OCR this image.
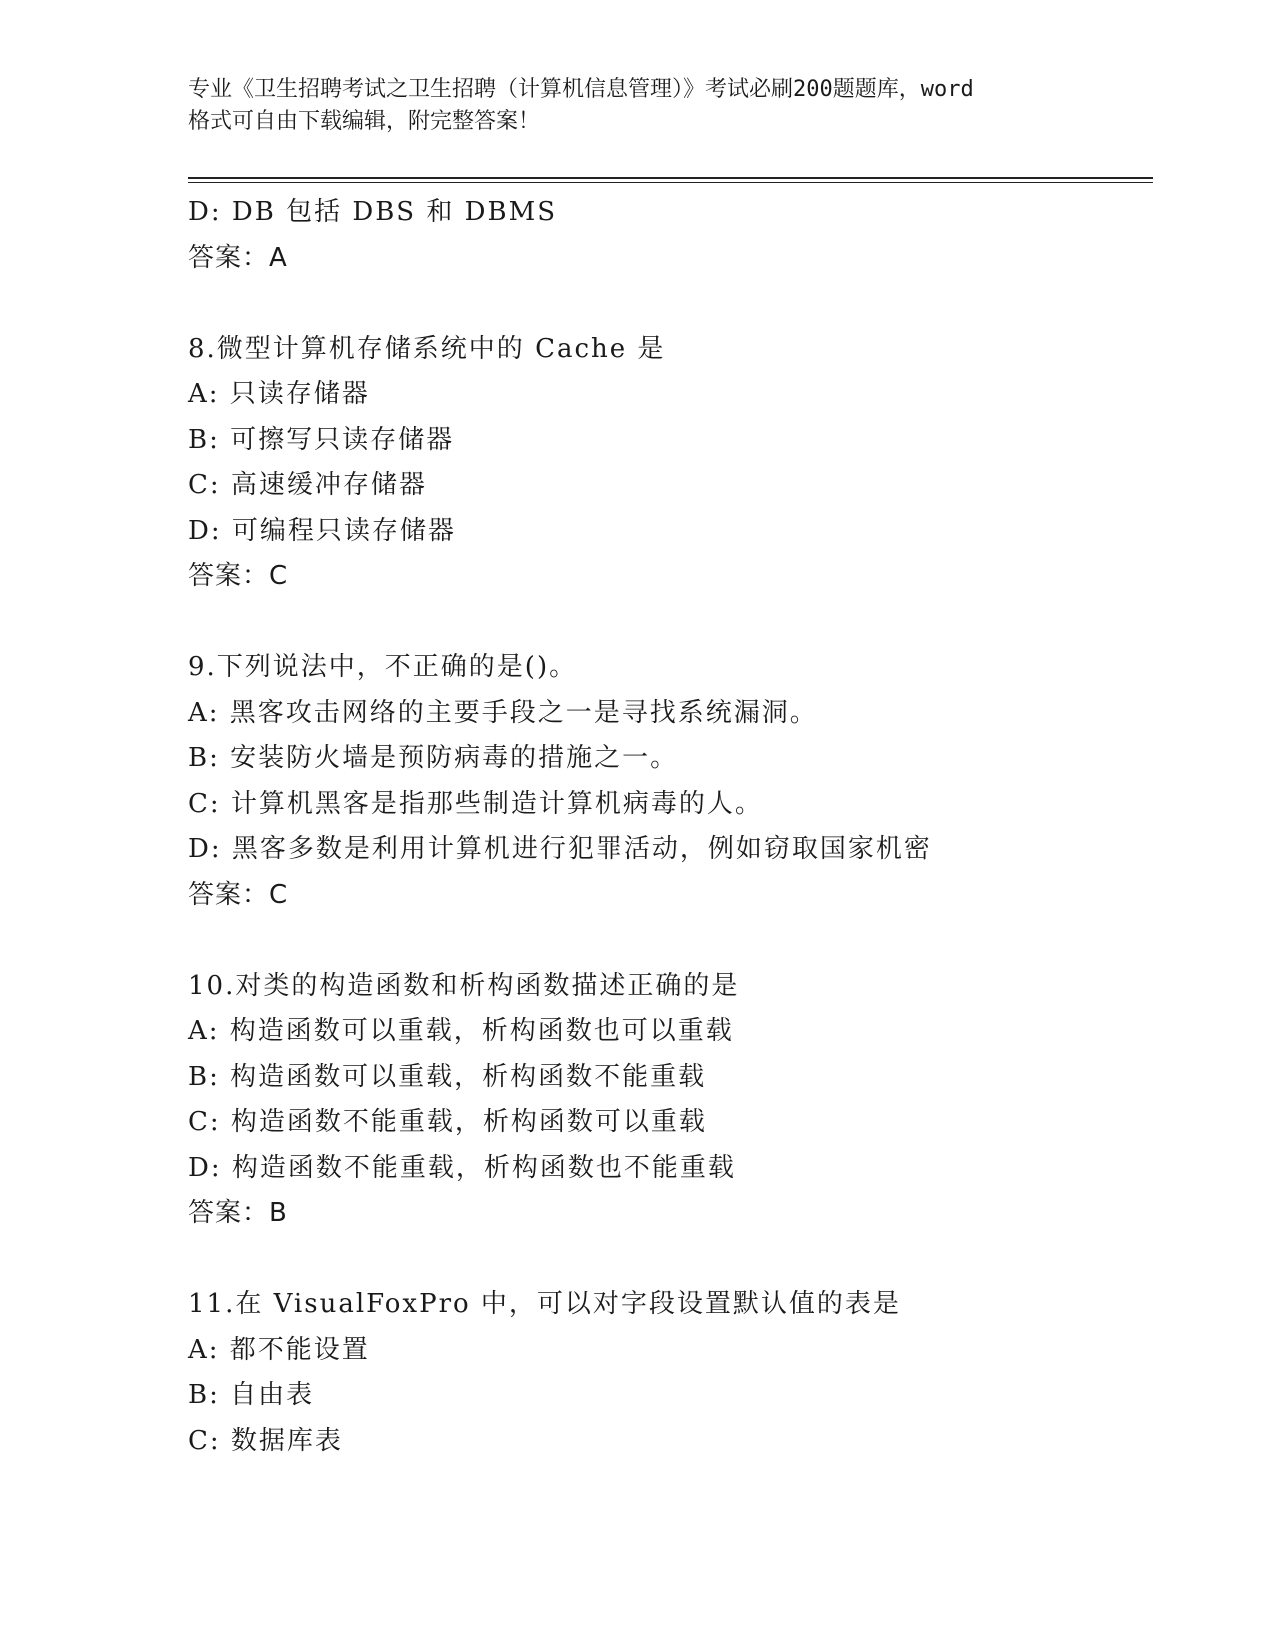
专业《卫生招聘考试之卫生招聘（计算机信息管理）》考试必刷200题题库，word
格式可自由下载编辑，附完整答案！
D: DB 包括 DBS 和 DBMS
答案：A
8.微型计算机存储系统中的 Cache 是
A: 只读存储器
B: 可擦写只读存储器
C: 高速缓冲存储器
D: 可编程只读存储器
答案：C
9.下列说法中，不正确的是()。
A: 黑客攻击网络的主要手段之一是寻找系统漏洞。
B: 安装防火墙是预防病毒的措施之一。
C: 计算机黑客是指那些制造计算机病毒的人。
D: 黑客多数是利用计算机进行犯罪活动，例如窃取国家机密
答案：C
10.对类的构造函数和析构函数描述正确的是
A: 构造函数可以重载，析构函数也可以重载
B: 构造函数可以重载，析构函数不能重载
C: 构造函数不能重载，析构函数可以重载
D: 构造函数不能重载，析构函数也不能重载
答案：B
11.在 VisualFoxPro 中，可以对字段设置默认值的表是
A: 都不能设置
B: 自由表
C: 数据库表
